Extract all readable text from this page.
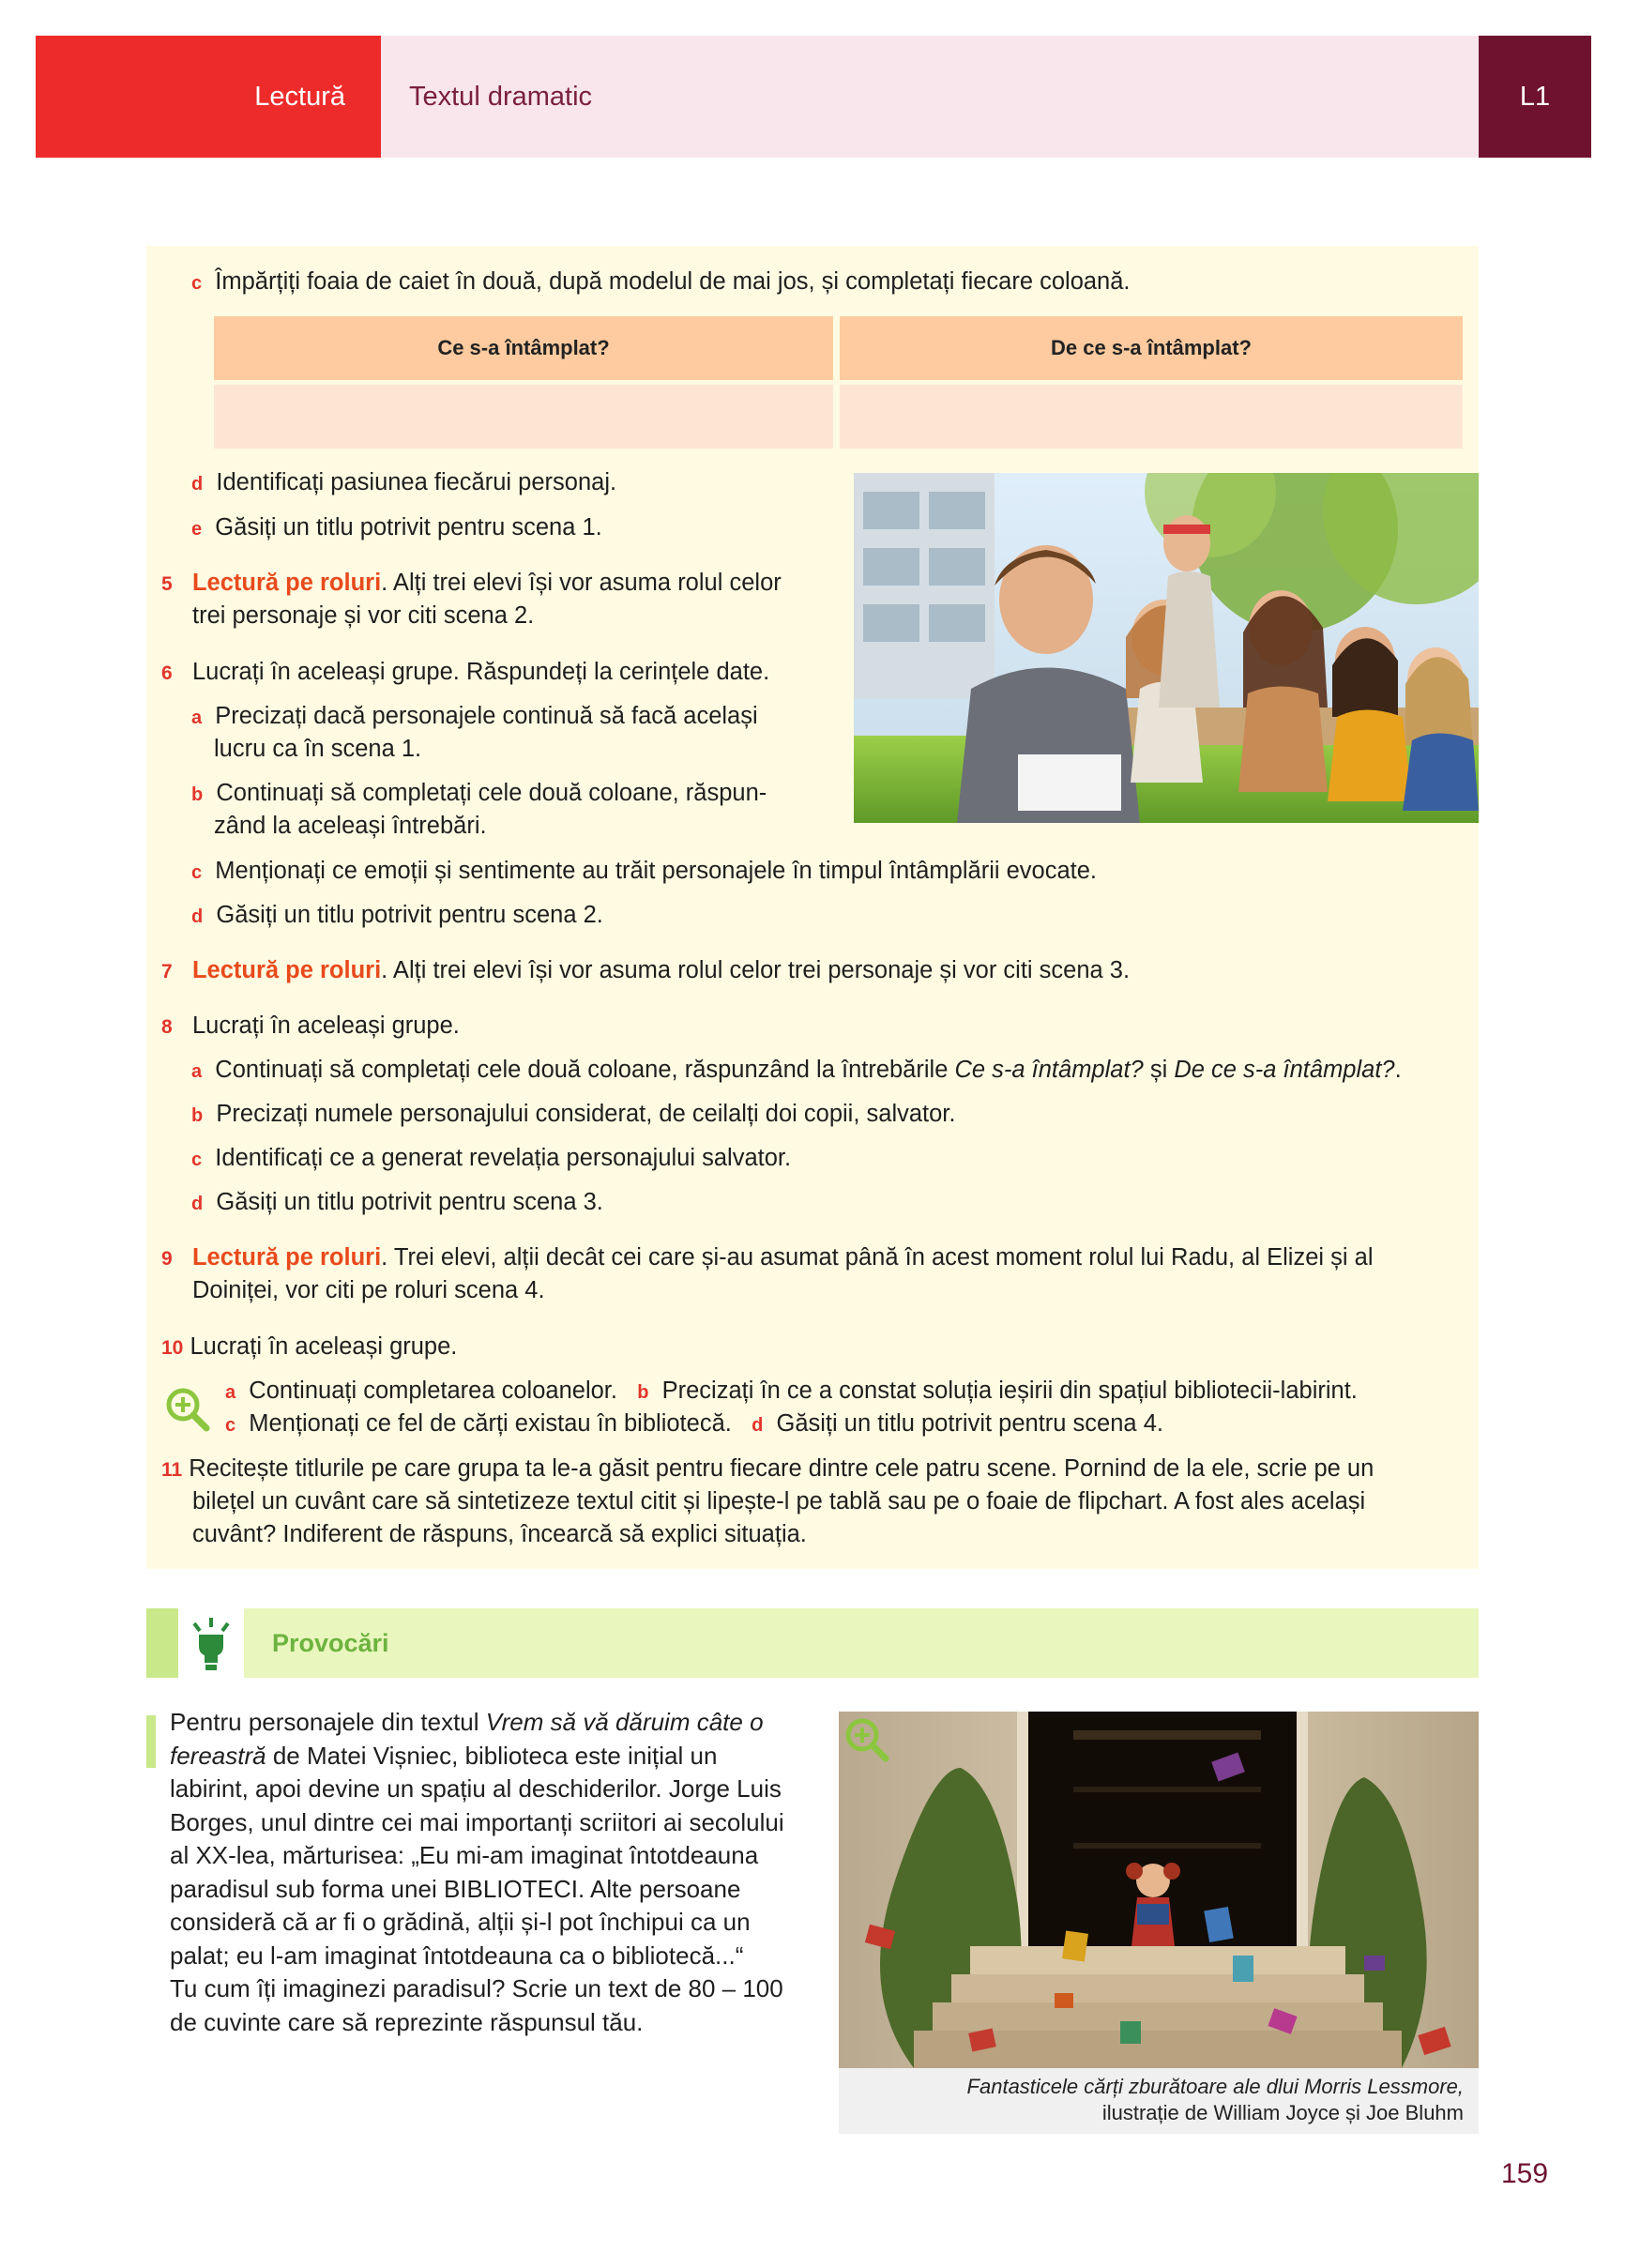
Lectură	Textul dramatic	L1
c Împărțiți foaia de caiet în două, după modelul de mai jos, și completați fiecare coloană.
Ce s-a întâmplat?	De ce s-a întâmplat?
d Identificați pasiunea fiecărui personaj.
e Găsiți un titlu potrivit pentru scena 1.
5 Lectură pe roluri. Alți trei elevi își vor asuma rolul celor
trei personaje și vor citi scena 2.
6 Lucrați în aceleași grupe. Răspundeți la cerințele date.
a Precizați dacă personajele continuă să facă același
lucru ca în scena 1.
b Continuați să completați cele două coloane, răspun-
zând la aceleași întrebări.
c Menționați ce emoții și sentimente au trăit personajele în timpul întâmplării evocate.
d Găsiți un titlu potrivit pentru scena 2.
7 Lectură pe roluri. Alți trei elevi își vor asuma rolul celor trei personaje și vor citi scena 3.
8 Lucrați în aceleași grupe.
a Continuați să completați cele două coloane, răspunzând la întrebările Ce s-a întâmplat? și De ce s-a întâmplat?.
b Precizați numele personajului considerat, de ceilalți doi copii, salvator.
c Identificați ce a generat revelația personajului salvator.
d Găsiți un titlu potrivit pentru scena 3.
9 Lectură pe roluri. Trei elevi, alții decât cei care și-au asumat până în acest moment rolul lui Radu, al Elizei și al
Doiniței, vor citi pe roluri scena 4.
10 Lucrați în aceleași grupe.
a Continuați completarea coloanelor. b Precizați în ce a constat soluția ieșirii din spațiul bibliotecii-labirint.
c Menționați ce fel de cărți existau în bibliotecă. d Găsiți un titlu potrivit pentru scena 4.
11 Recitește titlurile pe care grupa ta le-a găsit pentru fiecare dintre cele patru scene. Pornind de la ele, scrie pe un
bilețel un cuvânt care să sintetizeze textul citit și lipește-l pe tablă sau pe o foaie de flipchart. A fost ales același
cuvânt? Indiferent de răspuns, încearcă să explici situația.
Provocări
Pentru personajele din textul Vrem să vă dăruim câte o fereastră de Matei Vișniec, biblioteca este inițial un labirint, apoi devine un spațiu al deschiderilor. Jorge Luis Borges, unul dintre cei mai importanți scriitori ai secolului al XX-lea, mărturisea: „Eu mi-am imaginat întotdeauna paradisul sub forma unei BIBLIOTECI. Alte persoane consideră că ar fi o grădină, alții și-l pot închipui ca un palat; eu l-am imaginat întotdeauna ca o bibliotecă...“
Tu cum îți imaginezi paradisul? Scrie un text de 80 – 100 de cuvinte care să reprezinte răspunsul tău.
Fantasticele cărți zburătoare ale dlui Morris Lessmore,
ilustrație de William Joyce și Joe Bluhm
159
